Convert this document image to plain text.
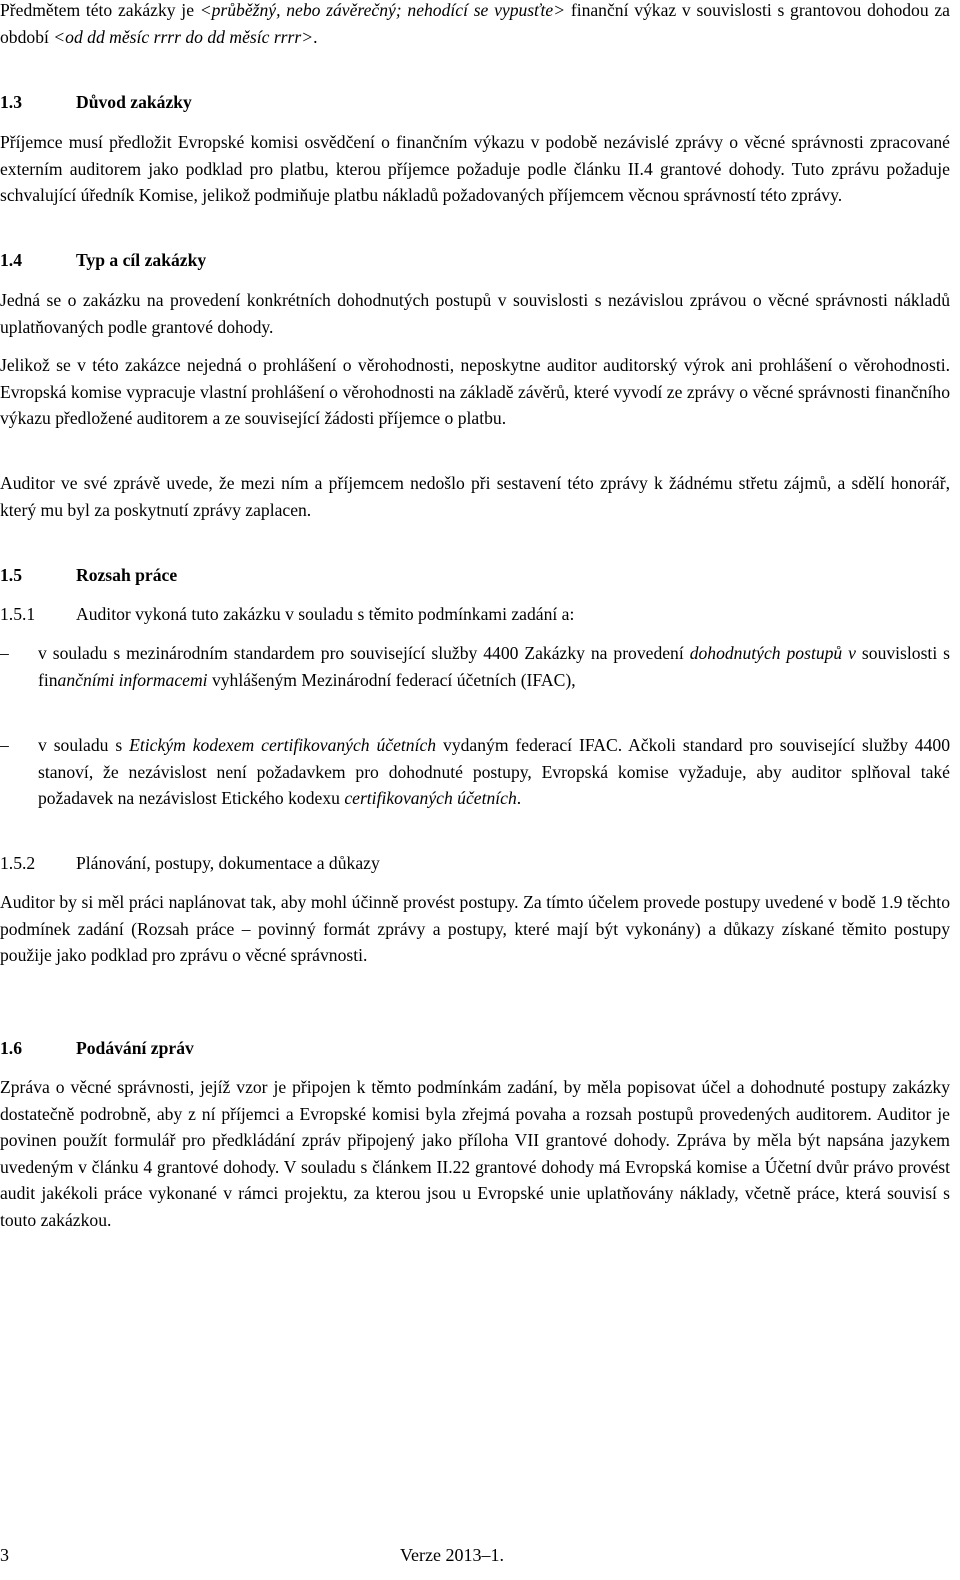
Předmětem této zakázky je <průběžný, nebo závěrečný; nehodící se vypusťte> finanční výkaz v souvislosti s grantovou dohodou za období <od dd měsíc rrrr do dd měsíc rrrr>.

1.3	Důvod zakázky

Příjemce musí předložit Evropské komisi osvědčení o finančním výkazu v podobě nezávislé zprávy o věcné správnosti zpracované externím auditorem jako podklad pro platbu, kterou příjemce požaduje podle článku II.4 grantové dohody. Tuto zprávu požaduje schvalující úředník Komise, jelikož podmiňuje platbu nákladů požadovaných příjemcem věcnou správností této zprávy.

1.4	Typ a cíl zakázky

Jedná se o zakázku na provedení konkrétních dohodnutých postupů v souvislosti s nezávislou zprávou o věcné správnosti nákladů uplatňovaných podle grantové dohody.

Jelikož se v této zakázce nejedná o prohlášení o věrohodnosti, neposkytne auditor auditorský výrok ani prohlášení o věrohodnosti. Evropská komise vypracuje vlastní prohlášení o věrohodnosti na základě závěrů, které vyvodí ze zprávy o věcné správnosti finančního výkazu předložené auditorem a ze související žádosti příjemce o platbu.

Auditor ve své zprávě uvede, že mezi ním a příjemcem nedošlo při sestavení této zprávy k žádnému střetu zájmů, a sdělí honorář, který mu byl za poskytnutí zprávy zaplacen.

1.5	Rozsah práce
1.5.1 Auditor vykoná tuto zakázku v souladu s těmito podmínkami zadání a:
– v souladu s mezinárodním standardem pro související služby 4400 Zakázky na provedení dohodnutých postupů v souvislosti s finančními informacemi vyhlášeným Mezinárodní federací účetních (IFAC),

– v souladu s Etickým kodexem certifikovaných účetních vydaným federací IFAC. Ačkoli standard pro související služby 4400 stanoví, že nezávislost není požadavkem pro dohodnuté postupy, Evropská komise vyžaduje, aby auditor splňoval také požadavek na nezávislost Etického kodexu certifikovaných účetních.

1.5.2 Plánování, postupy, dokumentace a důkazy

Auditor by si měl práci naplánovat tak, aby mohl účinně provést postupy. Za tímto účelem provede postupy uvedené v bodě 1.9 těchto podmínek zadání (Rozsah práce – povinný formát zprávy a postupy, které mají být vykonány) a důkazy získané těmito postupy použije jako podklad pro zprávu o věcné správnosti.

1.6	Podávání zpráv

Zpráva o věcné správnosti, jejíž vzor je připojen k těmto podmínkám zadání, by měla popisovat účel a dohodnuté postupy zakázky dostatečně podrobně, aby z ní příjemci a Evropské komisi byla zřejmá povaha a rozsah postupů provedených auditorem. Auditor je povinen použít formulář pro předkládání zpráv připojený jako příloha VII grantové dohody. Zpráva by měla být napsána jazykem uvedeným v článku 4 grantové dohody. V souladu s článkem II.22 grantové dohody má Evropská komise a Účetní dvůr právo provést audit jakékoli práce vykonané v rámci projektu, za kterou jsou u Evropské unie uplatňovány náklady, včetně práce, která souvisí s touto zakázkou.

3	Verze 2013–1.
